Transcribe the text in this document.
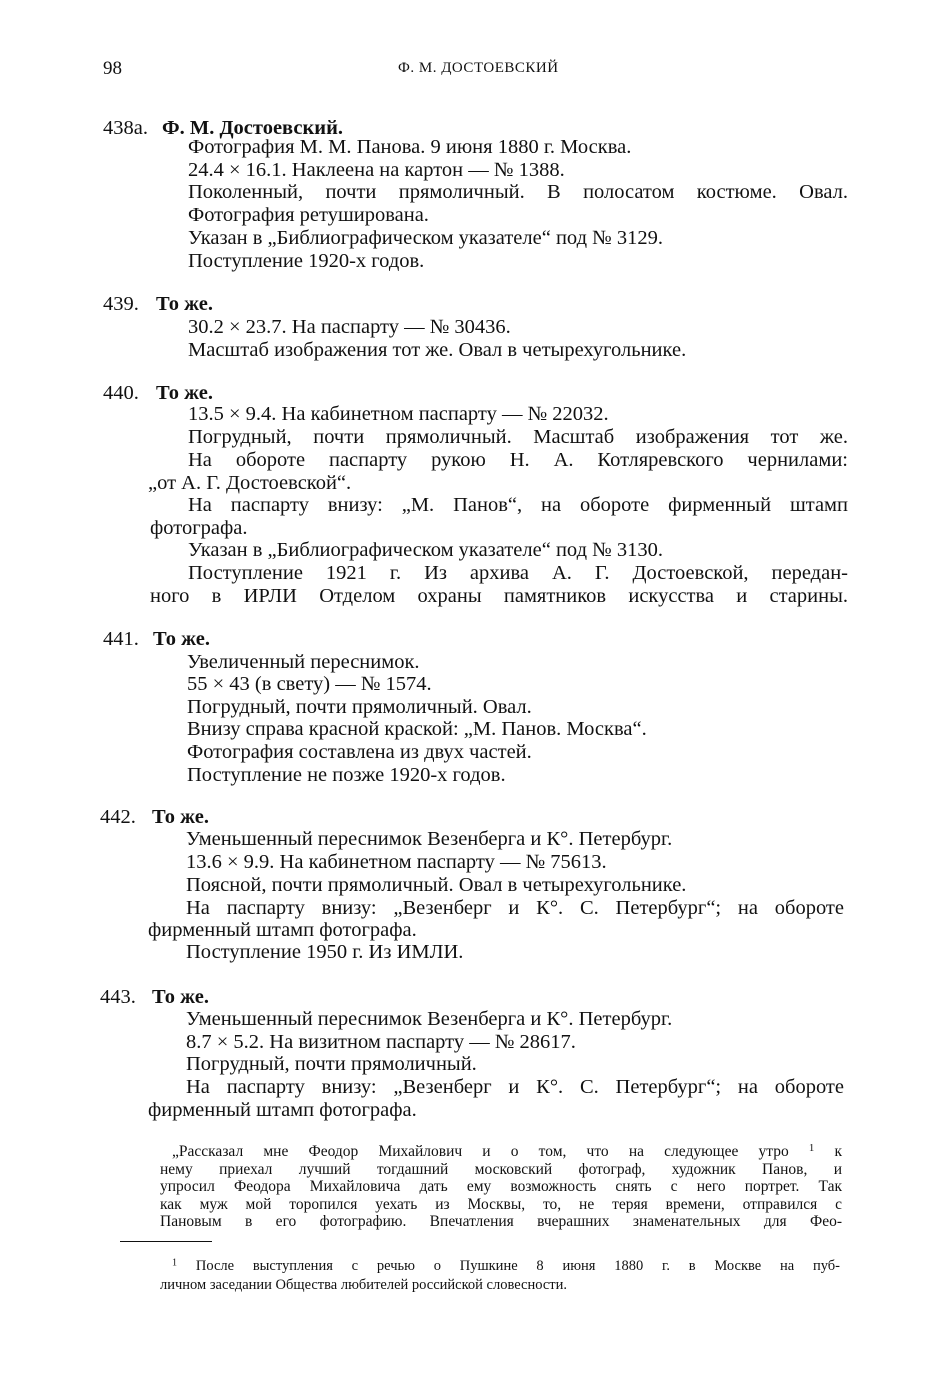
98	Ф. М. ДОСТОЕВСКИЙ
438а. Ф. М. Достоевский.
Фотография М. М. Панова. 9 июня 1880 г. Москва.
24.4 × 16.1. Наклеена на картон — № 1388.
Поколенный, почти прямоличный. В полосатом костюме. Овал.
Фотография ретуширована.
Указан в „Библиографическом указателе“ под № 3129.
Поступление 1920-х годов.
439. То же.
30.2 × 23.7. На паспарту — № 30436.
Масштаб изображения тот же. Овал в четырехугольнике.
440. То же.
13.5 × 9.4. На кабинетном паспарту — № 22032.
Погрудный, почти прямоличный. Масштаб изображения тот же.
На обороте паспарту рукою Н. А. Котляревского чернилами:
„от А. Г. Достоевской“.
На паспарту внизу: „М. Панов“, на обороте фирменный штамп
фотографа.
Указан в „Библиографическом указателе“ под № 3130.
Поступление 1921 г. Из архива А. Г. Достоевской, передан-
ного в ИРЛИ Отделом охраны памятников искусства и старины.
441. То же.
Увеличенный переснимок.
55 × 43 (в свету) — № 1574.
Погрудный, почти прямоличный. Овал.
Внизу справа красной краской: „М. Панов. Москва“.
Фотография составлена из двух частей.
Поступление не позже 1920-х годов.
442. То же.
Уменьшенный переснимок Везенберга и К°. Петербург.
13.6 × 9.9. На кабинетном паспарту — № 75613.
Поясной, почти прямоличный. Овал в четырехугольнике.
На паспарту внизу: „Везенберг и К°. С. Петербург“; на обороте
фирменный штамп фотографа.
Поступление 1950 г. Из ИМЛИ.
443. То же.
Уменьшенный переснимок Везенберга и К°. Петербург.
8.7 × 5.2. На визитном паспарту — № 28617.
Погрудный, почти прямоличный.
На паспарту внизу: „Везенберг и К°. С. Петербург“; на обороте
фирменный штамп фотографа.
„Рассказал мне Феодор Михайлович и о том, что на следующее утро $^1$ к
нему приехал лучший тогдашний московский фотограф, художник Панов, и
упросил Феодора Михайловича дать ему возможность снять с него портрет. Так
как муж мой торопился уехать из Москвы, то, не теряя времени, отправился с
Пановым в его фотографию. Впечатления вчерашних знаменательных для Фео-
$^1$ После выступления с речью о Пушкине 8 июня 1880 г. в Москве на пуб-
личном заседании Общества любителей российской словесности.
